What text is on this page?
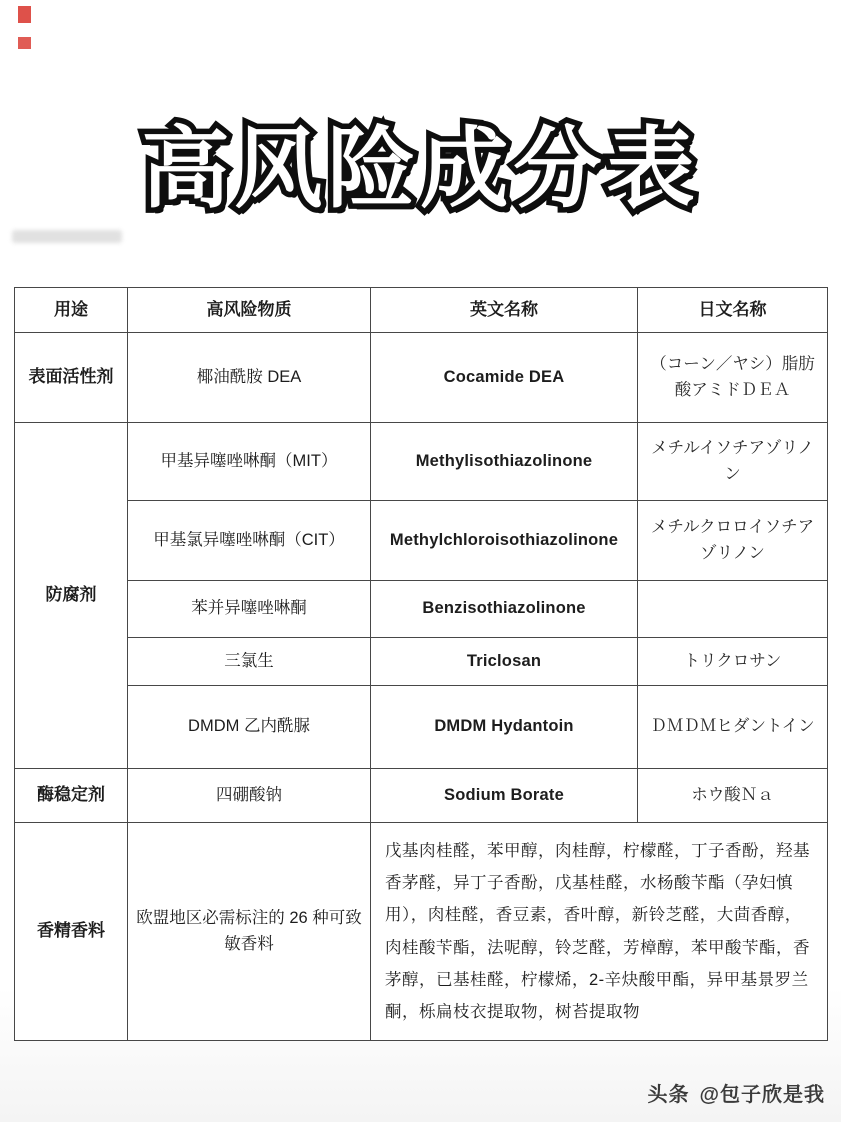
高风险成分表 高风险成分表
用途	高风险物质	英文名称	日文名称
表面活性剂	椰油酰胺 DEA	Cocamide DEA	（コーン／ヤシ）脂肪酸アミドＤＥＡ
防腐剂	甲基异噻唑啉酮（MIT）	Methylisothiazolinone	メチルイソチアゾリノン
	甲基氯异噻唑啉酮（CIT）	Methylchloroisothiazolinone	メチルクロロイソチアゾリノン
	苯并异噻唑啉酮	Benzisothiazolinone	
	三氯生	Triclosan	トリクロサン
	DMDM 乙内酰脲	DMDM Hydantoin	ＤＭＤＭヒダントイン
酶稳定剂	四硼酸钠	Sodium Borate	ホウ酸Ｎａ
香精香料	欧盟地区必需标注的 26 种可致敏香料	戊基肉桂醛，苯甲醇，肉桂醇，柠檬醛，丁子香酚，羟基香茅醛，异丁子香酚，戊基桂醛，水杨酸苄酯（孕妇慎用），肉桂醛，香豆素，香叶醇，新铃芝醛，大茴香醇，肉桂酸苄酯，法呢醇，铃芝醛，芳樟醇，苯甲酸苄酯，香茅醇，已基桂醛，柠檬烯，2-辛炔酸甲酯，异甲基景罗兰酮，栎扁枝衣提取物，树苔提取物	
头条 @包子欣是我
